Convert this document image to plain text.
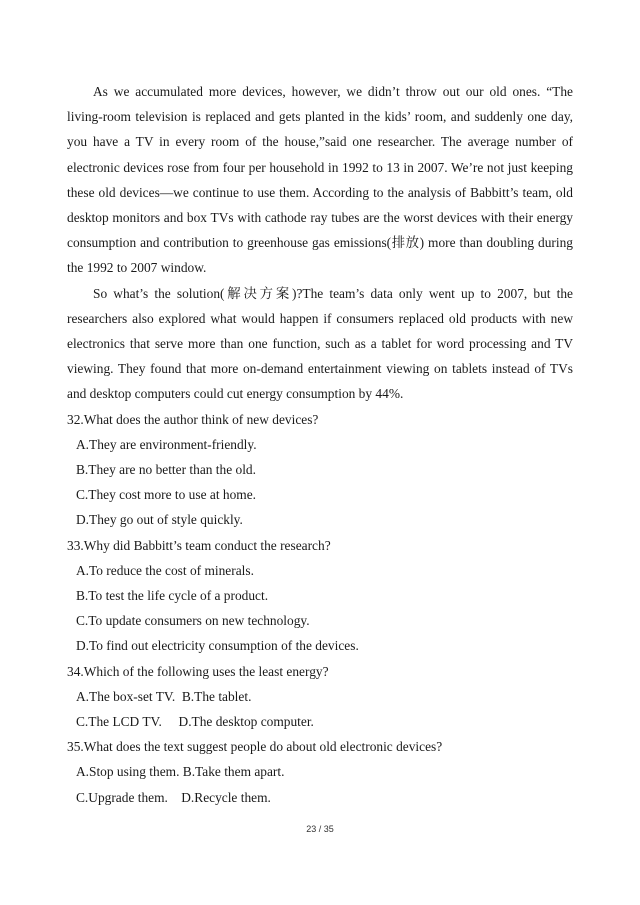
As we accumulated more devices, however, we didn’t throw out our old ones. “The living-room television is replaced and gets planted in the kids’ room, and suddenly one day, you have a TV in every room of the house,”said one researcher. The average number of electronic devices rose from four per household in 1992 to 13 in 2007. We’re not just keeping these old devices—we continue to use them. According to the analysis of Babbitt’s team, old desktop monitors and box TVs with cathode ray tubes are the worst devices with their energy consumption and contribution to greenhouse gas emissions(排放) more than doubling during the 1992 to 2007 window.

So what’s the solution(解决方案)?The team’s data only went up to 2007, but the researchers also explored what would happen if consumers replaced old products with new electronics that serve more than one function, such as a tablet for word processing and TV viewing. They found that more on-demand entertainment viewing on tablets instead of TVs and desktop computers could cut energy consumption by 44%.

32.What does the author think of new devices?

A.They are environment-friendly.

B.They are no better than the old.

C.They cost more to use at home.

D.They go out of style quickly.

33.Why did Babbitt’s team conduct the research?

A.To reduce the cost of minerals.

B.To test the life cycle of a product.

C.To update consumers on new technology.

D.To find out electricity consumption of the devices.

34.Which of the following uses the least energy?

A.The box-set TV.  B.The tablet.

C.The LCD TV.     D.The desktop computer.

35.What does the text suggest people do about old electronic devices?

A.Stop using them. B.Take them apart.

C.Upgrade them.    D.Recycle them.

23 / 35
